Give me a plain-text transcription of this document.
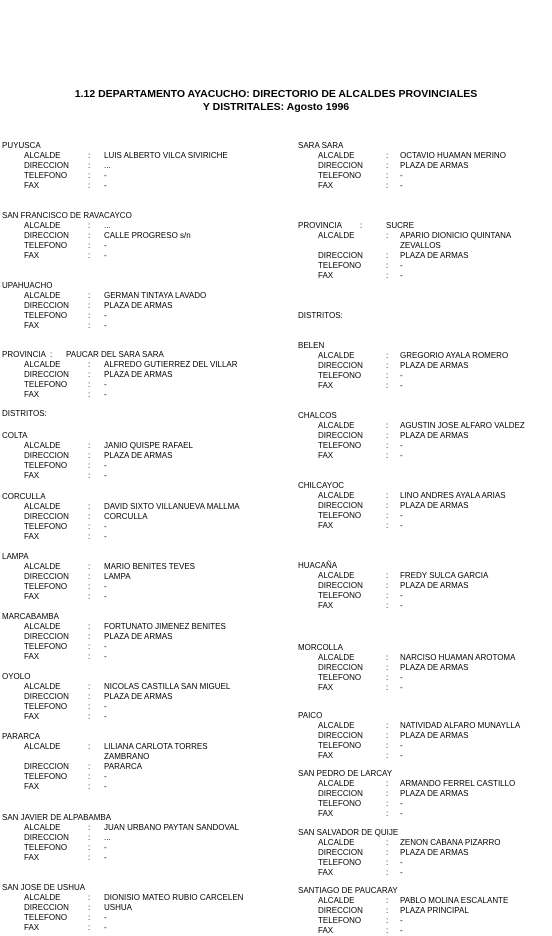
1.12 DEPARTAMENTO AYACUCHO: DIRECTORIO DE ALCALDES PROVINCIALES
Y DISTRITALES: Agosto 1996
PUYUSCA
ALCALDE	: LUIS ALBERTO VILCA SIVIRICHE
DIRECCION : ...
TELEFONO	: -
FAX	: -
SAN FRANCISCO DE RAVACAYCO
ALCALDE	: ...
DIRECCION : CALLE PROGRESO s/n
TELEFONO	: -
FAX	: -
UPAHUACHO
ALCALDE	: GERMAN TINTAYA LAVADO
DIRECCION : PLAZA DE ARMAS
TELEFONO	: -
FAX	: -
PROVINCIA : PAUCAR DEL SARA SARA
ALCALDE	: ALFREDO GUTIERREZ DEL VILLAR
DIRECCION : PLAZA DE ARMAS
TELEFONO	: -
FAX	: -
DISTRITOS:
COLTA
ALCALDE	: JANIO QUISPE RAFAEL
DIRECCION : PLAZA DE ARMAS
TELEFONO	: -
FAX	: -
CORCULLA
ALCALDE	: DAVID SIXTO VILLANUEVA MALLMA
DIRECCION : CORCULLA
TELEFONO	: -
FAX	: -
LAMPA
ALCALDE	: MARIO BENITES TEVES
DIRECCION : LAMPA
TELEFONO	: -
FAX	: -
MARCABAMBA
ALCALDE	: FORTUNATO JIMENEZ BENITES
DIRECCION : PLAZA DE ARMAS
TELEFONO	: -
FAX	: -
OYOLO
ALCALDE	: NICOLAS CASTILLA SAN MIGUEL
DIRECCION : PLAZA DE ARMAS
TELEFONO	: -
FAX	: -
PARARCA
ALCALDE	: LILIANA CARLOTA TORRES
ZAMBRANO
DIRECCION : PARARCA
TELEFONO	: -
FAX	: -
SAN JAVIER DE ALPABAMBA
ALCALDE	: JUAN URBANO PAYTAN SANDOVAL
DIRECCION : ...
TELEFONO	: -
FAX	: -
SAN JOSE DE USHUA
ALCALDE	: DIONISIO MATEO RUBIO CARCELEN
DIRECCION : USHUA
TELEFONO	: -
FAX	: -
SARA SARA
ALCALDE	: OCTAVIO HUAMAN MERINO
DIRECCION	: PLAZA DE ARMAS
TELEFONO	: -
FAX	: -
PROVINCIA :	SUCRE
ALCALDE	: APARIO DIONICIO QUINTANA
ZEVALLOS
DIRECCION	: PLAZA DE ARMAS
TELEFONO	: -
FAX	: -
DISTRITOS:
BELEN
ALCALDE	: GREGORIO AYALA ROMERO
DIRECCION	: PLAZA DE ARMAS
TELEFONO	: -
FAX	: -
CHALCOS
ALCALDE	: AGUSTIN JOSE ALFARO VALDEZ
DIRECCION	: PLAZA DE ARMAS
TELEFONO	: -
FAX	: -
CHILCAYOC
ALCALDE	: LINO ANDRES AYALA ARIAS
DIRECCION	: PLAZA DE ARMAS
TELEFONO	: -
FAX	: -
HUACAÑA
ALCALDE	: FREDY SULCA GARCIA
DIRECCION	: PLAZA DE ARMAS
TELEFONO	: -
FAX	: -
MORCOLLA
ALCALDE	: NARCISO HUAMAN AROTOMA
DIRECCION	: PLAZA DE ARMAS
TELEFONO	: -
FAX	: -
PAICO
ALCALDE	: NATIVIDAD ALFARO MUNAYLLA
DIRECCION	: PLAZA DE ARMAS
TELEFONO	: -
FAX	: -
SAN PEDRO DE LARCAY
ALCALDE	: ARMANDO FERREL CASTILLO
DIRECCION	: PLAZA DE ARMAS
TELEFONO	: -
FAX	: -
SAN SALVADOR DE QUIJE
ALCALDE	: ZENON CABANA PIZARRO
DIRECCION	: PLAZA DE ARMAS
TELEFONO	: -
FAX	: -
SANTIAGO DE PAUCARAY
ALCALDE	: PABLO MOLINA ESCALANTE
DIRECCION	: PLAZA PRINCIPAL
TELEFONO	: -
FAX	: -
